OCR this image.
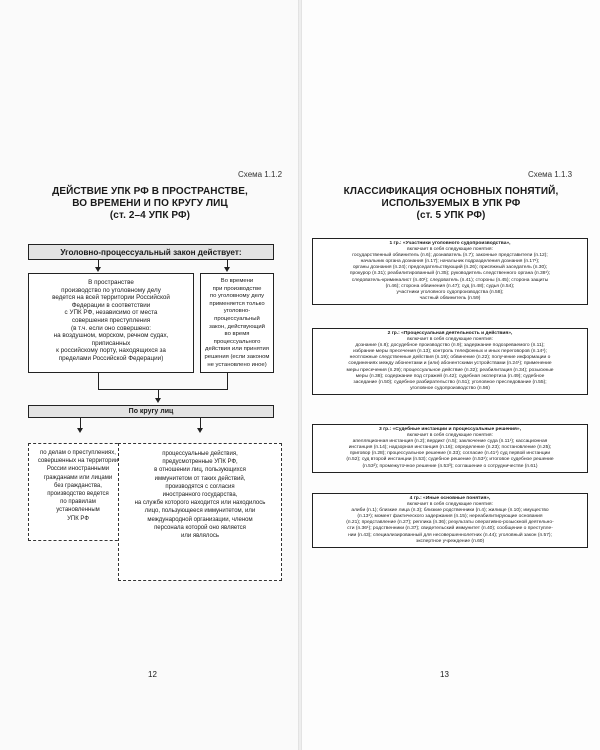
Схема 1.1.2
ДЕЙСТВИЕ УПК РФ В ПРОСТРАНСТВЕ,
ВО ВРЕМЕНИ И ПО КРУГУ ЛИЦ
(ст. 2–4 УПК РФ)
Уголовно-процессуальный закон действует:
В пространстве
производство по уголовному делу
ведется на всей территории Российской
Федерации в соответствии
с УПК РФ, независимо от места
совершения преступления
(в т.ч. если оно совершено:
на воздушном, морском, речном судах,
приписанных
к российскому порту, находящихся за
пределами Российской Федерации)
Во времени
при производстве
по уголовному делу
применяется только
уголовно-процессуальный
закон, действующий
во время процессуального
действия или принятия
решения (если законом
не установлено иное)
По кругу лиц
по делам о преступлениях,
совершенных на территории
России иностранными
гражданами или лицами
без гражданства,
производство ведется
по правилам
установленным
УПК РФ
процессуальные действия,
предусмотренные УПК РФ,
в отношении лиц, пользующихся
иммунитетом от таких действий,
производятся с согласия
иностранного государства,
на службе которого находится или находилось
лицо, пользующееся иммунитетом, или
международной организации, членом
персонала которой оно является
или являлось
12
Схема 1.1.3
КЛАССИФИКАЦИЯ ОСНОВНЫХ ПОНЯТИЙ,
ИСПОЛЬЗУЕМЫХ В УПК РФ
(ст. 5 УПК РФ)
1 гр.: «Участники уголовного судопроизводства»,
включает в себя следующие понятия:
государственный обвинитель (п.6); дознаватель (п.7); законные представители (п.12);
начальник органа дознания (п.17); начальник подразделения дознания (п.17¹);
органы дознания (п.24); председательствующий (п.26); присяжный заседатель (п.30);
прокурор (п.31); реабилитированный (п.35); руководитель следственного органа (п.38¹);
следователь-криминалист (п.40¹); следователь (п.41); стороны (п.45); сторона защиты
(п.46); сторона обвинения (п.47); суд (п.48); судья (п.54);
участники уголовного судопроизводства (п.58);
частный обвинитель (п.59)
2 гр.: «Процессуальная деятельность и действия»,
включает в себя следующие понятия:
дознание (п.8); досудебное производство (п.9); задержание подозреваемого (п.11);
избрание меры пресечения (п.13); контроль телефонных и иных переговоров (п.14¹);
неотложные следственные действия (п.19); обвинение (п.22); получение информации о
соединениях между абонентами и (или) абонентскими устройствами (п.24¹); применение
меры пресечения (п.29); процессуальное действие (п.32); реабилитация (п.34); розыскные
меры (п.38); содержание под стражей (п.42); судебная экспертиза (п.49); судебное
заседание (п.50); судебное разбирательство (п.51); уголовное преследование (п.55);
уголовное судопроизводство (п.56)
3 гр.: «Судебные инстанции и процессуальные решения»,
включает в себя следующие понятия:
апелляционная инстанция (п.2); вердикт (п.5); заключение суда (п.11¹); кассационная
инстанция (п.14); надзорная инстанция (п.16); определение (п.23); постановление (п.25);
приговор (п.28); процессуальное решение (п.33); согласие (п.41¹) суд первой инстанции
(п.52); суд второй инстанции (п.53); судебное решение (п.53¹); итоговое судебное решение
(п.53²); промежуточное решение (п.53³); соглашение о сотрудничестве (п.61)
4 гр.: «Иные основные понятия»,
включает в себя следующие понятия:
алиби (п.1); близкие лица (п.3); близкие родственники (п.4); жилище (п.10); имущество
(п.13¹); момент фактического задержания (п.15); нереабилитирующие основания
(п.21); представление (п.27); реплика (п.36); результаты оперативно-розыскной деятельно-
сти (п.36¹); родственники (п.37); свидетельский иммунитет (п.40); сообщение о преступле-
нии (п.43); специализированный для несовершеннолетних (п.44); уголовный закон (п.57);
экспертное учреждение (п.60)
13
